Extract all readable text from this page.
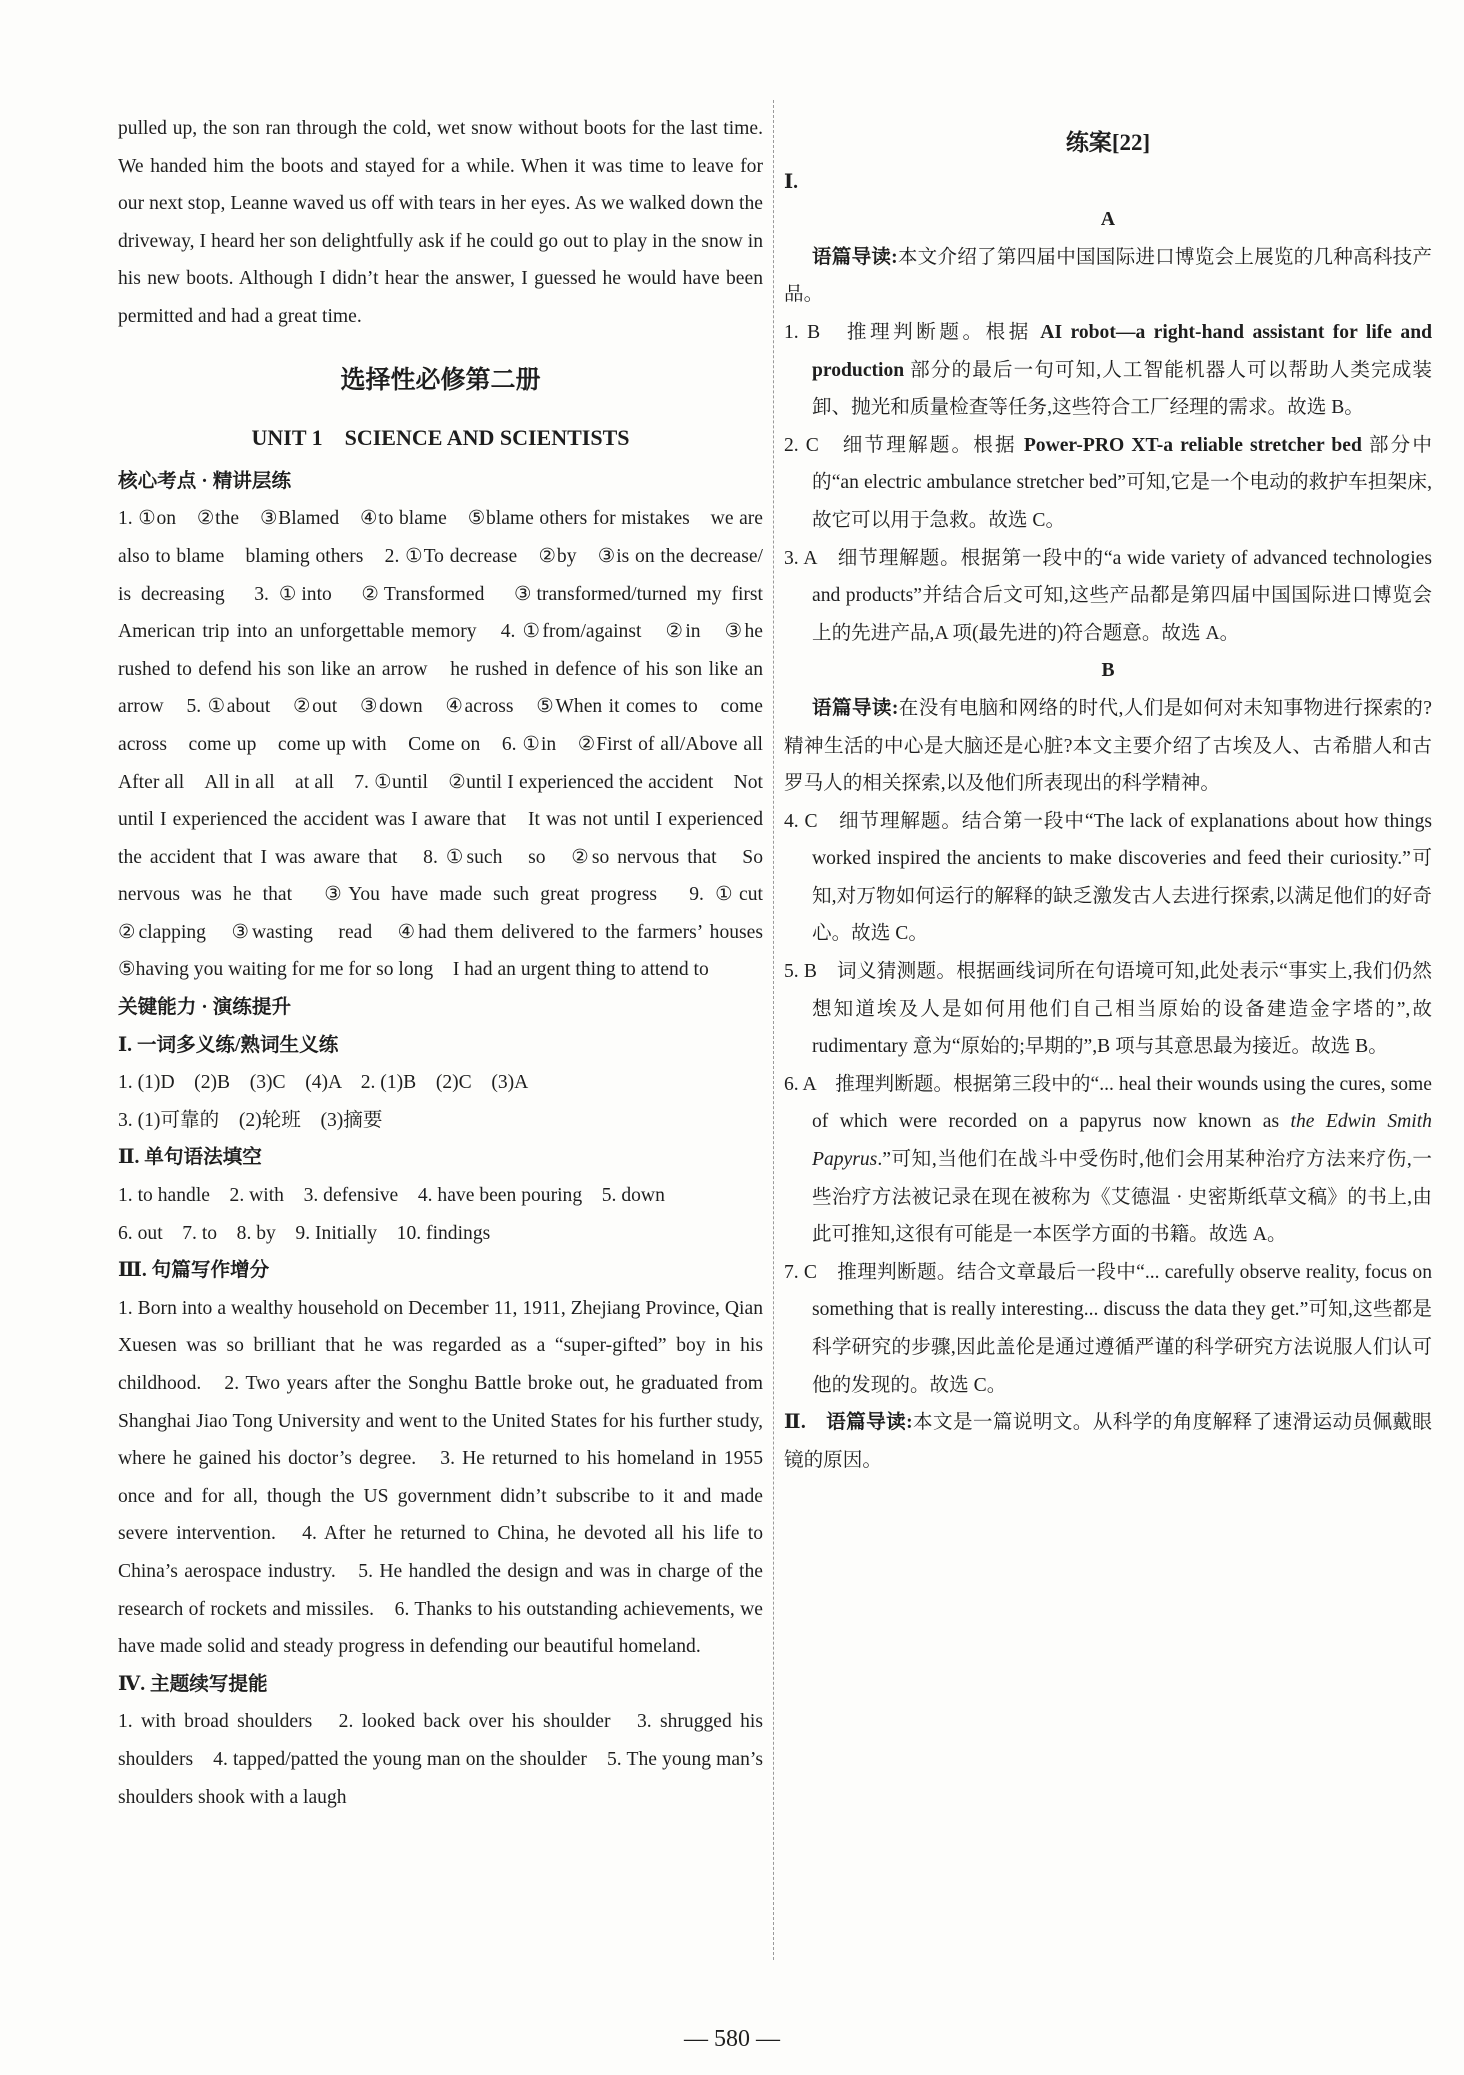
pulled up, the son ran through the cold, wet snow without boots for the last time. We handed him the boots and stayed for a while. When it was time to leave for our next stop, Leanne waved us off with tears in her eyes. As we walked down the driveway, I heard her son delightfully ask if he could go out to play in the snow in his new boots. Although I didn’t hear the answer, I guessed he would have been permitted and had a great time.

选择性必修第二册
UNIT 1　SCIENCE AND SCIENTISTS
核心考点 · 精讲层练

1. ①on　②the　③Blamed　④to blame　⑤blame others for mistakes　we are also to blame　blaming others　2. ①To decrease　②by　③is on the decrease/ is decreasing　3. ①into　②Transformed　③transformed/turned my first American trip into an unforgettable memory　4. ①from/against　②in　③he rushed to defend his son like an arrow　he rushed in defence of his son like an arrow　5. ①about　②out　③down　④across　⑤When it comes to　come across　come up　come up with　Come on　6. ①in　②First of all/Above all　After all　All in all　at all　7. ①until　②until I experienced the accident　Not until I experienced the accident was I aware that　It was not until I experienced the accident that I was aware that　8. ①such　so　②so nervous that　So nervous was he that　③You have made such great progress　9. ①cut　②clapping　③wasting　read　④had them delivered to the farmers’ houses　⑤having you waiting for me for so long　I had an urgent thing to attend to

关键能力 · 演练提升
Ⅰ. 一词多义练/熟词生义练

1. (1)D　(2)B　(3)C　(4)A　2. (1)B　(2)C　(3)A

3. (1)可靠的　(2)轮班　(3)摘要

Ⅱ. 单句语法填空

1. to handle　2. with　3. defensive　4. have been pouring　5. down

6. out　7. to　8. by　9. Initially　10. findings

Ⅲ. 句篇写作增分

1. Born into a wealthy household on December 11, 1911, Zhejiang Province, Qian Xuesen was so brilliant that he was regarded as a “super-gifted” boy in his childhood.　2. Two years after the Songhu Battle broke out, he graduated from Shanghai Jiao Tong University and went to the United States for his further study, where he gained his doctor’s degree.　3. He returned to his homeland in 1955 once and for all, though the US government didn’t subscribe to it and made severe intervention.　4. After he returned to China, he devoted all his life to China’s aerospace industry.　5. He handled the design and was in charge of the research of rockets and missiles.　6. Thanks to his outstanding achievements, we have made solid and steady progress in defending our beautiful homeland.

Ⅳ. 主题续写提能

1. with broad shoulders　2. looked back over his shoulder　3. shrugged his shoulders　4. tapped/patted the young man on the shoulder　5. The young man’s shoulders shook with a laugh

练案[22]
Ⅰ.
A

语篇导读:本文介绍了第四届中国国际进口博览会上展览的几种高科技产品。

1. B　推理判断题。根据 AI robot—a right-hand assistant for life and production 部分的最后一句可知,人工智能机器人可以帮助人类完成装卸、抛光和质量检查等任务,这些符合工厂经理的需求。故选 B。

2. C　细节理解题。根据 Power-PRO XT-a reliable stretcher bed 部分中的“an electric ambulance stretcher bed”可知,它是一个电动的救护车担架床,故它可以用于急救。故选 C。

3. A　细节理解题。根据第一段中的“a wide variety of advanced technologies and products”并结合后文可知,这些产品都是第四届中国国际进口博览会上的先进产品,A 项(最先进的)符合题意。故选 A。

B

语篇导读:在没有电脑和网络的时代,人们是如何对未知事物进行探索的?精神生活的中心是大脑还是心脏?本文主要介绍了古埃及人、古希腊人和古罗马人的相关探索,以及他们所表现出的科学精神。

4. C　细节理解题。结合第一段中“The lack of explanations about how things worked inspired the ancients to make discoveries and feed their curiosity.”可知,对万物如何运行的解释的缺乏激发古人去进行探索,以满足他们的好奇心。故选 C。

5. B　词义猜测题。根据画线词所在句语境可知,此处表示“事实上,我们仍然想知道埃及人是如何用他们自己相当原始的设备建造金字塔的”,故 rudimentary 意为“原始的;早期的”,B 项与其意思最为接近。故选 B。

6. A　推理判断题。根据第三段中的“... heal their wounds using the cures, some of which were recorded on a papyrus now known as the Edwin Smith Papyrus.”可知,当他们在战斗中受伤时,他们会用某种治疗方法来疗伤,一些治疗方法被记录在现在被称为《艾德温 · 史密斯纸草文稿》的书上,由此可推知,这很有可能是一本医学方面的书籍。故选 A。

7. C　推理判断题。结合文章最后一段中“... carefully observe reality, focus on something that is really interesting... discuss the data they get.”可知,这些都是科学研究的步骤,因此盖伦是通过遵循严谨的科学研究方法说服人们认可他的发现的。故选 C。

Ⅱ.　 语篇导读:本文是一篇说明文。从科学的角度解释了速滑运动员佩戴眼镜的原因。

— 580 —
